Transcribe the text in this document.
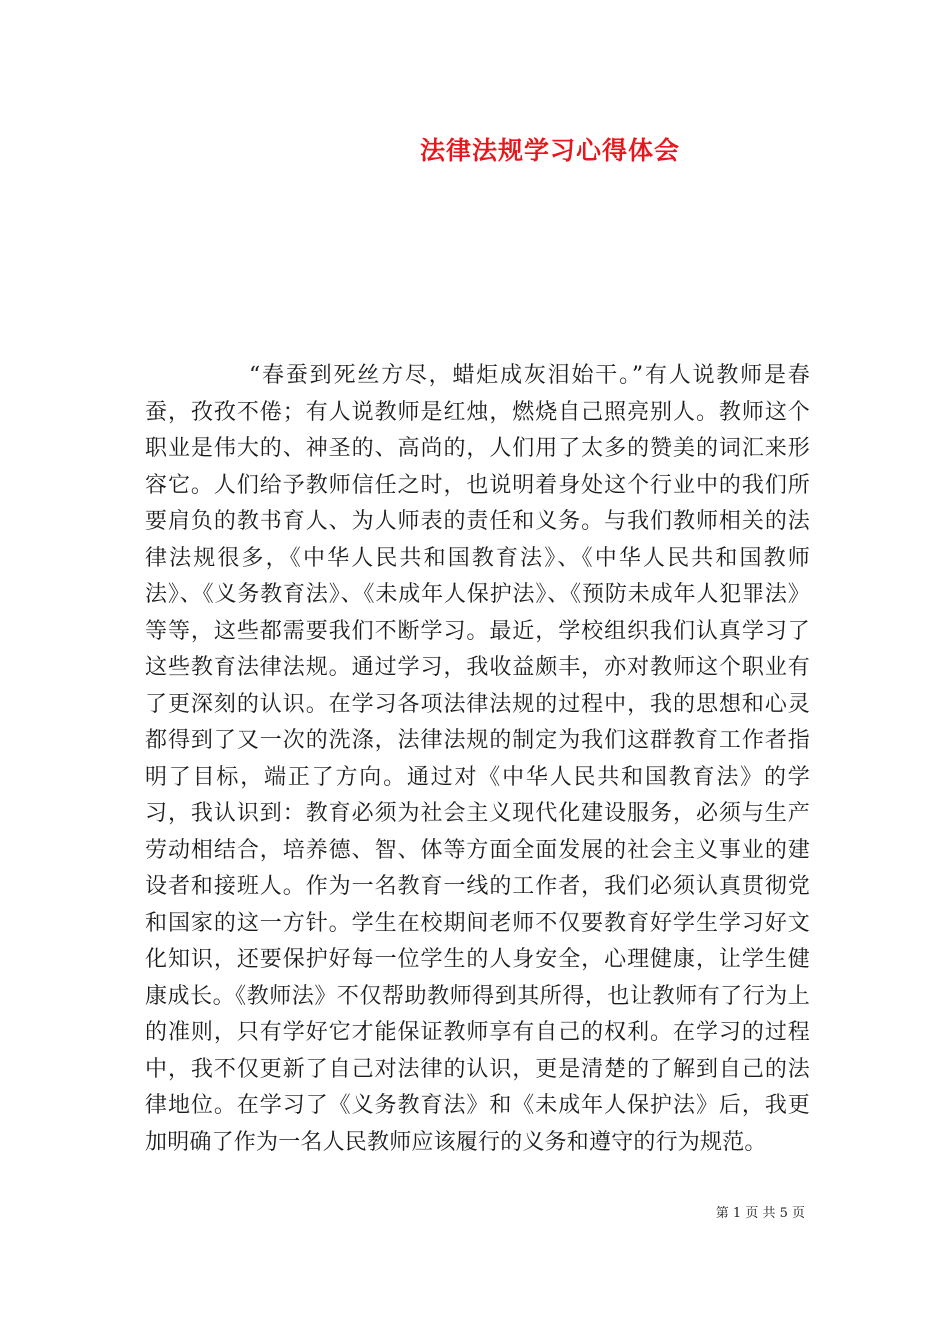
法律法规学习心得体会

“春蚕到死丝方尽，蜡炬成灰泪始干。”有人说教师是春蚕，孜孜不倦；有人说教师是红烛，燃烧自己照亮别人。教师这个职业是伟大的、神圣的、高尚的，人们用了太多的赞美的词汇来形容它。人们给予教师信任之时，也说明着身处这个行业中的我们所要肩负的教书育人、为人师表的责任和义务。与我们教师相关的法律法规很多，《中华人民共和国教育法》、《中华人民共和国教师法》、《义务教育法》、《未成年人保护法》、《预防未成年人犯罪法》等等，这些都需要我们不断学习。最近，学校组织我们认真学习了这些教育法律法规。通过学习，我收益颇丰，亦对教师这个职业有了更深刻的认识。在学习各项法律法规的过程中，我的思想和心灵都得到了又一次的洗涤，法律法规的制定为我们这群教育工作者指明了目标，端正了方向。通过对《中华人民共和国教育法》的学习，我认识到：教育必须为社会主义现代化建设服务，必须与生产劳动相结合，培养德、智、体等方面全面发展的社会主义事业的建设者和接班人。作为一名教育一线的工作者，我们必须认真贯彻党和国家的这一方针。学生在校期间老师不仅要教育好学生学习好文化知识，还要保护好每一位学生的人身安全，心理健康，让学生健康成长。《教师法》不仅帮助教师得到其所得，也让教师有了行为上的准则，只有学好它才能保证教师享有自己的权利。在学习的过程中，我不仅更新了自己对法律的认识，更是清楚的了解到自己的法律地位。在学习了《义务教育法》和《未成年人保护法》后，我更加明确了作为一名人民教师应该履行的义务和遵守的行为规范。

第 1 页 共 5 页
